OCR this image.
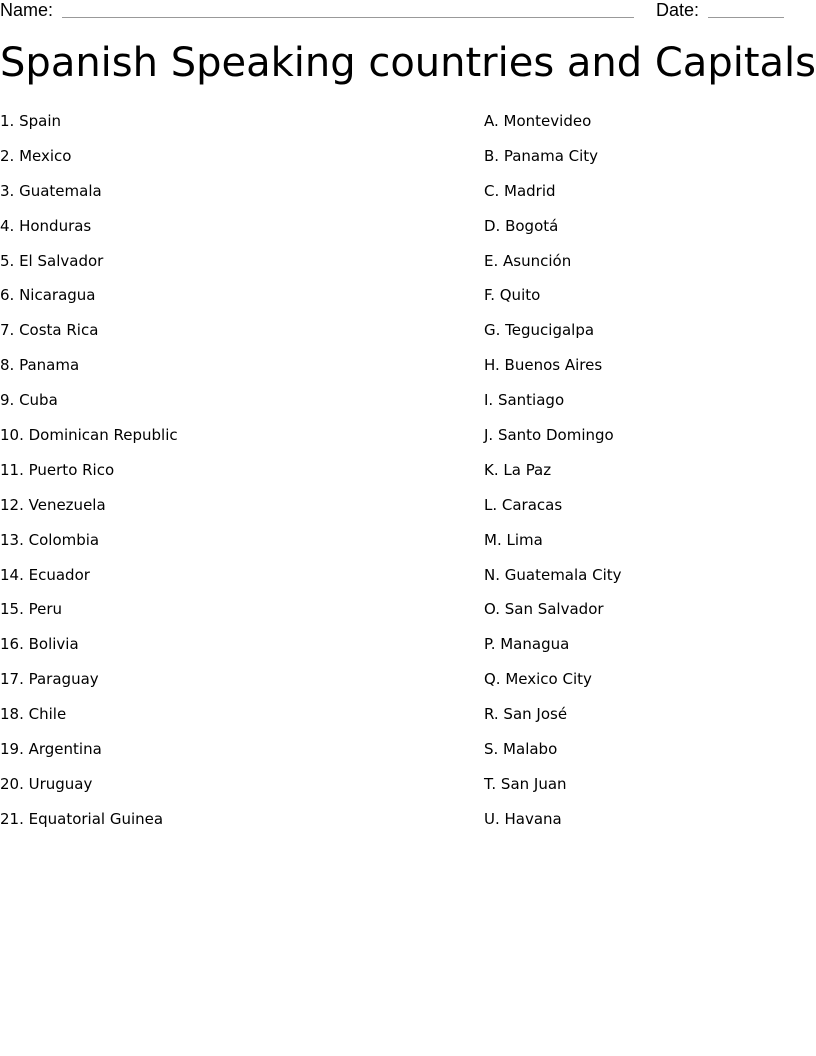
Name:	Date:
Spanish Speaking countries and Capitals
1. Spain
2. Mexico
3. Guatemala
4. Honduras
5. El Salvador
6. Nicaragua
7. Costa Rica
8. Panama
9. Cuba
10. Dominican Republic
11. Puerto Rico
12. Venezuela
13. Colombia
14. Ecuador
15. Peru
16. Bolivia
17. Paraguay
18. Chile
19. Argentina
20. Uruguay
21. Equatorial Guinea
A. Montevideo
B. Panama City
C. Madrid
D. Bogotá
E. Asunción
F. Quito
G. Tegucigalpa
H. Buenos Aires
I. Santiago
J. Santo Domingo
K. La Paz
L. Caracas
M. Lima
N. Guatemala City
O. San Salvador
P. Managua
Q. Mexico City
R. San José
S. Malabo
T. San Juan
U. Havana
